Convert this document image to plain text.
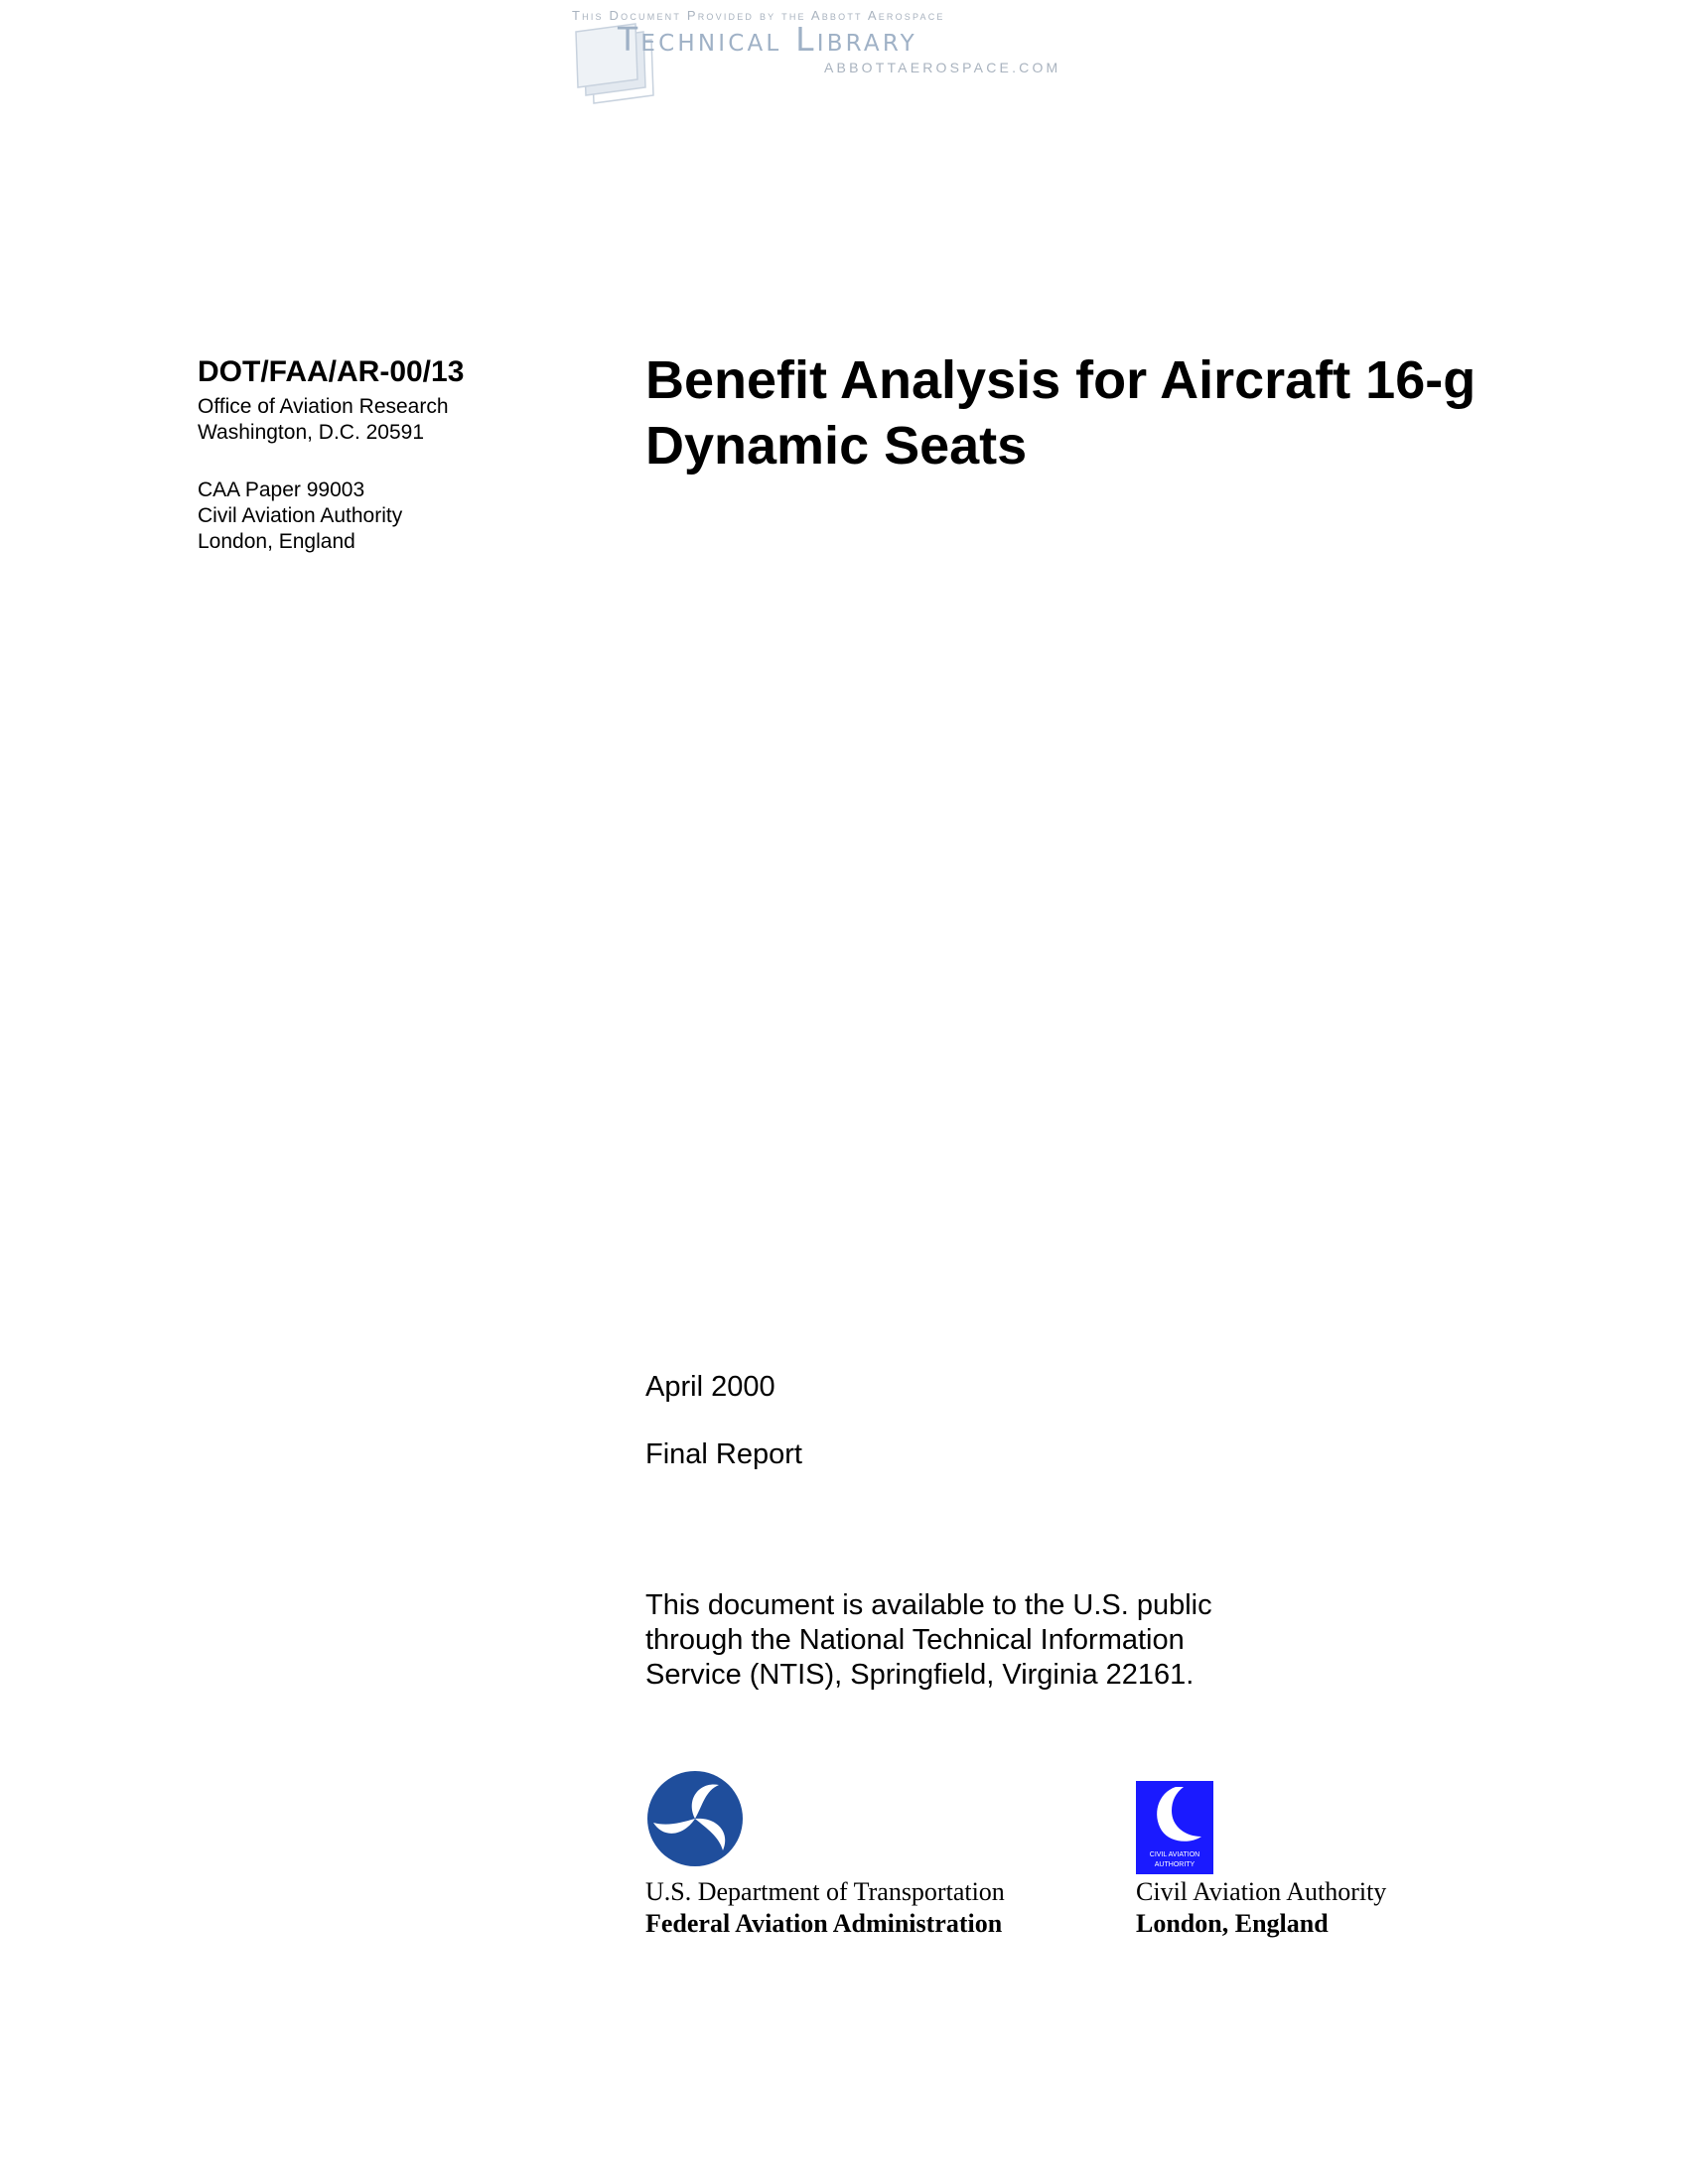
This Document Provided by the Abbott Aerospace
Technical Library
ABBOTTAEROSPACE.COM
DOT/FAA/AR-00/13
Office of Aviation Research
Washington, D.C. 20591
CAA Paper 99003
Civil Aviation Authority
London, England
Benefit Analysis for Aircraft 16-g
Dynamic Seats
April 2000
Final Report
This document is available to the U.S. public
through the National Technical Information
Service (NTIS), Springfield, Virginia 22161.
CIVIL AVIATION
AUTHORITY
U.S. Department of Transportation
Federal Aviation Administration
Civil Aviation Authority
London, England
